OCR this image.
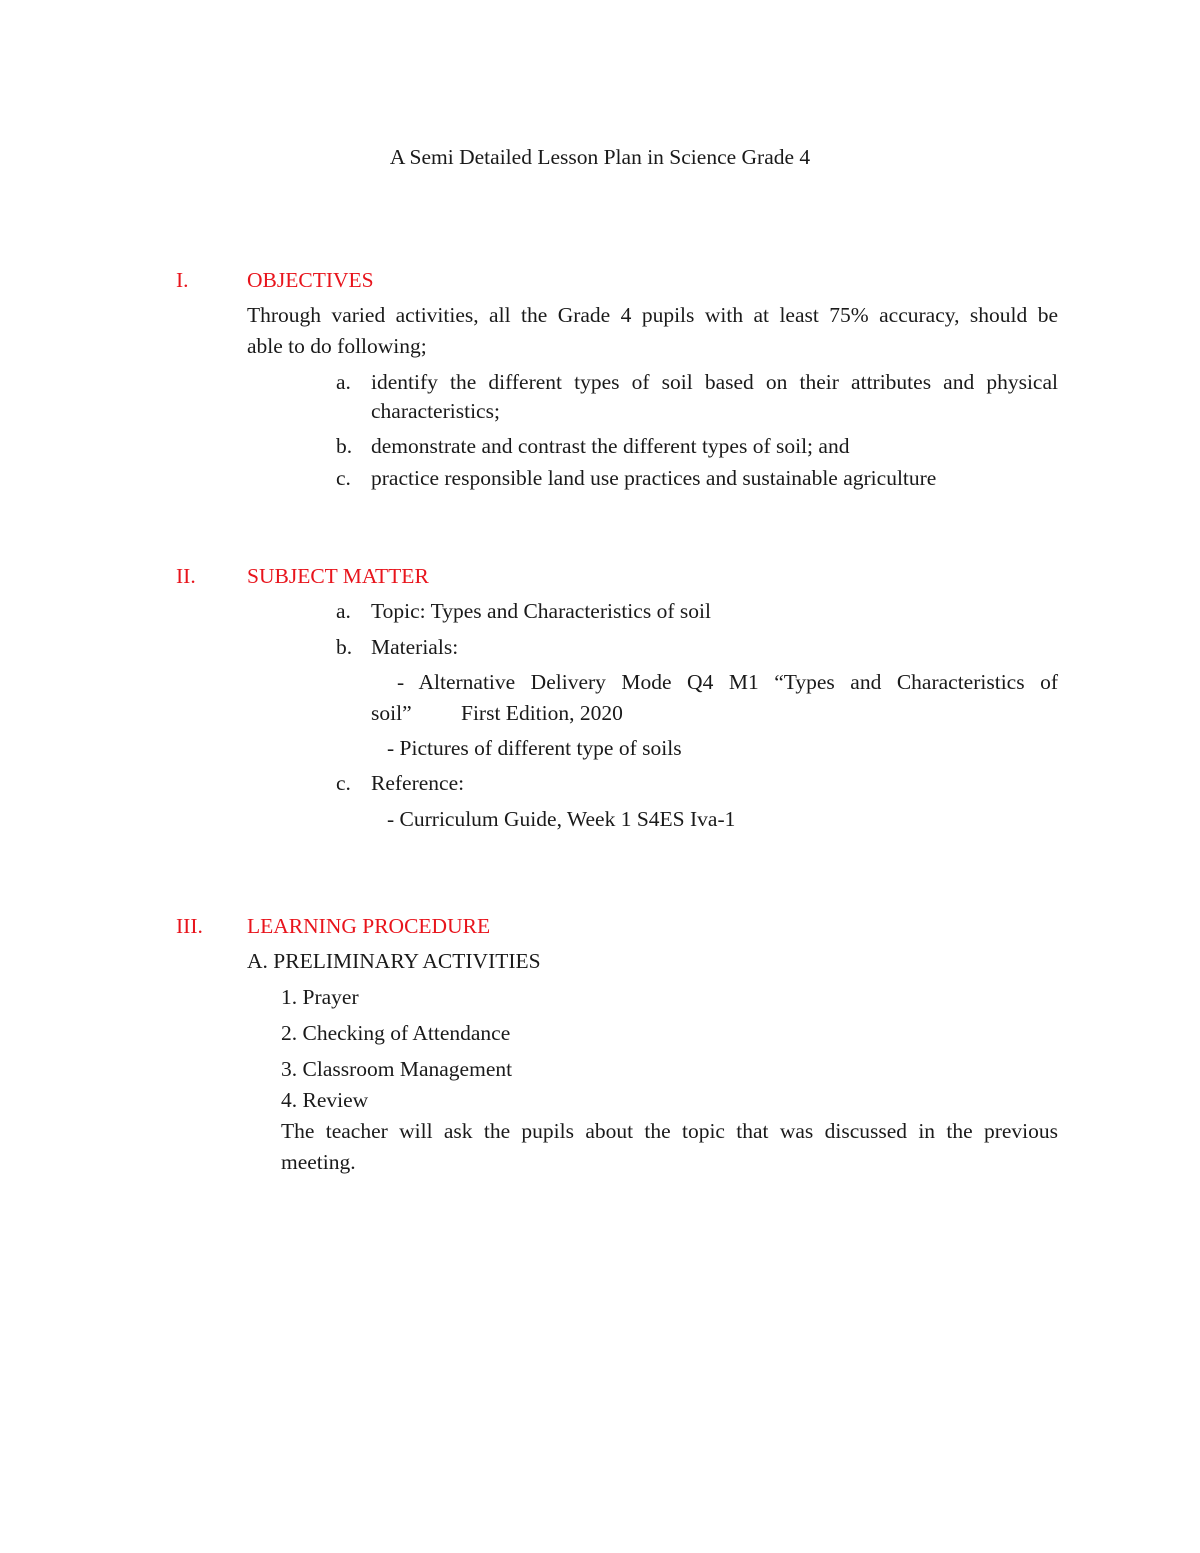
A Semi Detailed Lesson Plan in Science Grade 4
I.	OBJECTIVES
Through varied activities, all the Grade 4 pupils with at least 75% accuracy, should be
able to do following;
a. identify the different types of soil based on their attributes and physical
characteristics;
b. demonstrate and contrast the different types of soil; and
c. practice responsible land use practices and sustainable agriculture
II. SUBJECT MATTER
a. Topic: Types and Characteristics of soil
b. Materials:
- Alternative Delivery Mode Q4 M1 “Types and Characteristics of
soil” First Edition, 2020
- Pictures of different type of soils
c. Reference:
- Curriculum Guide, Week 1 S4ES Iva-1
III. LEARNING PROCEDURE
A. PRELIMINARY ACTIVITIES
1. Prayer
2. Checking of Attendance
3. Classroom Management
4. Review
The teacher will ask the pupils about the topic that was discussed in the previous
meeting.
